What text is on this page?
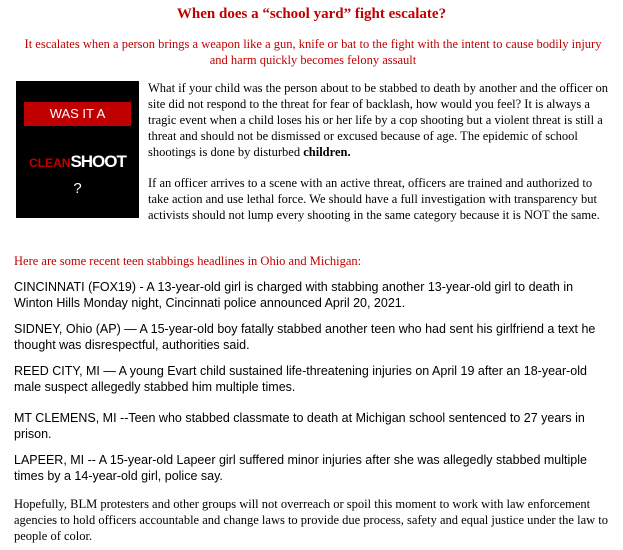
When does a “school yard” fight escalate?
It escalates when a person brings a weapon like a gun, knife or bat to the fight with the intent to cause bodily injury and harm quickly becomes felony assault
WAS IT A
CLEANSHOOT
?
What if your child was the person about to be stabbed to death by another and the officer on site did not respond to the threat for fear of backlash, how would you feel? It is always a tragic event when a child loses his or her life by a cop shooting but a violent threat is still a threat and should not be dismissed or excused because of age. The epidemic of school shootings is done by disturbed children.
If an officer arrives to a scene with an active threat, officers are trained and authorized to take action and use lethal force. We should have a full investigation with transparency but activists should not lump every shooting in the same category because it is NOT the same.
Here are some recent teen stabbings headlines in Ohio and Michigan:
CINCINNATI (FOX19) - A 13-year-old girl is charged with stabbing another 13-year-old girl to death in Winton Hills Monday night, Cincinnati police announced April 20, 2021.
SIDNEY, Ohio (AP) — A 15-year-old boy fatally stabbed another teen who had sent his girlfriend a text he thought was disrespectful, authorities said.
REED CITY, MI — A young Evart child sustained life-threatening injuries on April 19 after an 18-year-old male suspect allegedly stabbed him multiple times.
MT CLEMENS, MI --Teen who stabbed classmate to death at Michigan school sentenced to 27 years in prison.
LAPEER, MI -- A 15-year-old Lapeer girl suffered minor injuries after she was allegedly stabbed multiple times by a 14-year-old girl, police say.
Hopefully, BLM protesters and other groups will not overreach or spoil this moment to work with law enforcement agencies to hold officers accountable and change laws to provide due process, safety and equal justice under the law to people of color.
